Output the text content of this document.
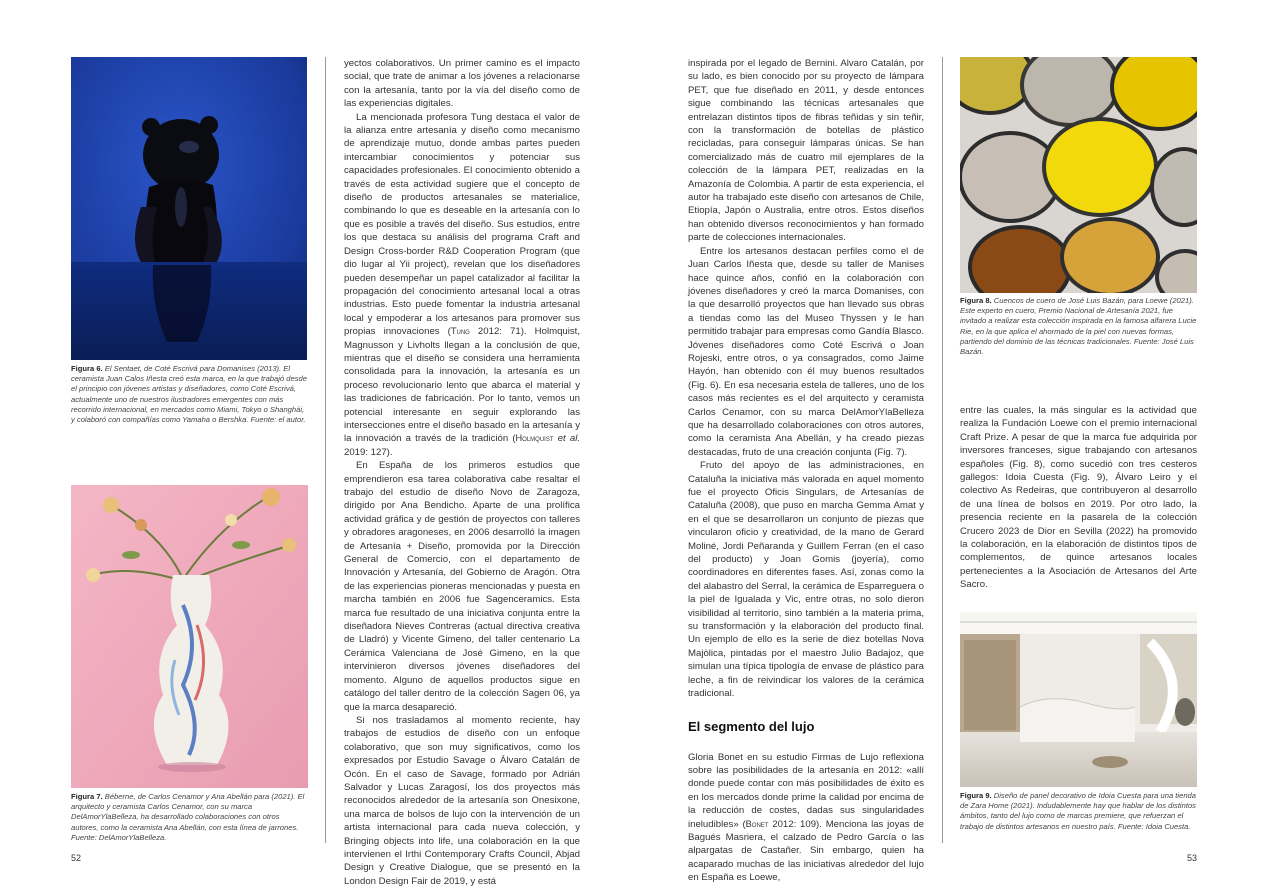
Figura 6. El Sentaet, de Coté Escrivá para Domanises (2013). El ceramista Juan Calos Iñesta creó esta marca, en la que trabajó desde el principio con jóvenes artistas y diseñadores, como Coté Escrivá, actualmente uno de nuestros ilustradores emergentes con más recorrido internacional, en mercados como Miami, Tokyo o Shanghái, y colaboró con compañías como Yamaha o Bershka. Fuente: el autor.
Figura 7. Béberne, de Carlos Cenamor y Ana Abellán para (2021). El arquitecto y ceramista Carlos Cenamor, con su marca DelAmorYlaBelleza, ha desarrollado colaboraciones con otros autores, como la ceramista Ana Abellán, con esta línea de jarrones. Fuente: DelAmorYlaBelleza.

yectos colaborativos. Un primer camino es el impacto social, que trate de animar a los jóvenes a relacionarse con la artesanía, tanto por la vía del diseño como de las experiencias digitales.

La mencionada profesora Tung destaca el valor de la alianza entre artesanía y diseño como mecanismo de aprendizaje mutuo, donde ambas partes pueden intercambiar conocimientos y potenciar sus capacidades profesionales. El conocimiento obtenido a través de esta actividad sugiere que el concepto de diseño de productos artesanales se materialice, combinando lo que es deseable en la artesanía con lo que es posible a través del diseño. Sus estudios, entre los que destaca su análisis del programa Craft and Design Cross-border R&D Cooperation Program (que dio lugar al Yii project), revelan que los diseñadores pueden desempeñar un papel catalizador al facilitar la propagación del conocimiento artesanal local a otras industrias. Esto puede fomentar la industria artesanal local y empoderar a los artesanos para promover sus propias innovaciones (Tung 2012: 71). Holmquist, Magnusson y Livholts llegan a la conclusión de que, mientras que el diseño se considera una herramienta consolidada para la innovación, la artesanía es un proceso revolucionario lento que abarca el material y las tradiciones de fabricación. Por lo tanto, vemos un potencial interesante en seguir explorando las intersecciones entre el diseño basado en la artesanía y la innovación a través de la tradición (Holmquist et al. 2019: 127).

En España de los primeros estudios que emprendieron esa tarea colaborativa cabe resaltar el trabajo del estudio de diseño Novo de Zaragoza, dirigido por Ana Bendicho. Aparte de una prolífica actividad gráfica y de gestión de proyectos con talleres y obradores aragoneses, en 2006 desarrolló la imagen de Artesanía + Diseño, promovida por la Dirección General de Comercio, con el departamento de Innovación y Artesanía, del Gobierno de Aragón. Otra de las experiencias pioneras mencionadas y puesta en marcha también en 2006 fue Sagenceramics. Esta marca fue resultado de una iniciativa conjunta entre la diseñadora Nieves Contreras (actual directiva creativa de Lladró) y Vicente Gimeno, del taller centenario La Cerámica Valenciana de José Gimeno, en la que intervinieron diversos jóvenes diseñadores del momento. Alguno de aquellos productos sigue en catálogo del taller dentro de la colección Sagen 06, ya que la marca desapareció.

Si nos trasladamos al momento reciente, hay trabajos de estudios de diseño con un enfoque colaborativo, que son muy significativos, como los expresados por Estudio Savage o Álvaro Catalán de Ocón. En el caso de Savage, formado por Adrián Salvador y Lucas Zaragosí, los dos proyectos más reconocidos alrededor de la artesanía son Onesixone, una marca de bolsos de lujo con la intervención de un artista internacional para cada nueva colección, y Bringing objects into life, una colaboración en la que intervienen el Irthi Contemporary Crafts Council, Abjad Design y Creative Dialogue, que se presentó en la London Design Fair de 2019, y está

52

inspirada por el legado de Bernini. Alvaro Catalán, por su lado, es bien conocido por su proyecto de lámpara PET, que fue diseñado en 2011, y desde entonces sigue combinando las técnicas artesanales que entrelazan distintos tipos de fibras teñidas y sin teñir, con la transformación de botellas de plástico recicladas, para conseguir lámparas únicas. Se han comercializado más de cuatro mil ejemplares de la colección de la lámpara PET, realizadas en la Amazonía de Colombia. A partir de esta experiencia, el autor ha trabajado este diseño con artesanos de Chile, Etiopía, Japón o Australia, entre otros. Estos diseños han obtenido diversos reconocimientos y han formado parte de colecciones internacionales.

Entre los artesanos destacan perfiles como el de Juan Carlos Iñesta que, desde su taller de Manises hace quince años, confió en la colaboración con jóvenes diseñadores y creó la marca Domanises, con la que desarrolló proyectos que han llevado sus obras a tiendas como las del Museo Thyssen y le han permitido trabajar para empresas como Gandía Blasco. Jóvenes diseñadores como Coté Escrivá o Joan Rojeski, entre otros, o ya consagrados, como Jaime Hayón, han obtenido con él muy buenos resultados (Fig. 6). En esa necesaria estela de talleres, uno de los casos más recientes es el del arquitecto y ceramista Carlos Cenamor, con su marca DelAmorYlaBelleza que ha desarrollado colaboraciones con otros autores, como la ceramista Ana Abellán, y ha creado piezas destacadas, fruto de una creación conjunta (Fig. 7).

Fruto del apoyo de las administraciones, en Cataluña la iniciativa más valorada en aquel momento fue el proyecto Oficis Singulars, de Artesanías de Cataluña (2008), que puso en marcha Gemma Amat y en el que se desarrollaron un conjunto de piezas que vincularon oficio y creatividad, de la mano de Gerard Moliné, Jordi Peñaranda y Guillem Ferran (en el caso del producto) y Joan Gomis (joyería), como coordinadores en diferentes fases. Así, zonas como la del alabastro del Serral, la cerámica de Esparreguera o la piel de Igualada y Vic, entre otras, no solo dieron visibilidad al territorio, sino también a la materia prima, su transformación y la elaboración del producto final. Un ejemplo de ello es la serie de diez botellas Nova Majòlica, pintadas por el maestro Julio Badajoz, que simulan una típica tipología de envase de plástico para leche, a fin de reivindicar los valores de la cerámica tradicional.

El segmento del lujo

Gloria Bonet en su estudio Firmas de Lujo reflexiona sobre las posibilidades de la artesanía en 2012: «allí donde puede contar con más posibilidades de éxito es en los mercados donde prime la calidad por encima de la reducción de costes, dadas sus singularidades ineludibles» (Bonet 2012: 109). Menciona las joyas de Bagués Masriera, el calzado de Pedro García o las alpargatas de Castañer. Sin embargo, quien ha acaparado muchas de las iniciativas alrededor del lujo en España es Loewe,

Figura 8. Cuencos de cuero de José Luis Bazán, para Loewe (2021). Este experto en cuero, Premio Nacional de Artesanía 2021, fue invitado a realizar esta colección inspirada en la famosa alfarera Lucie Rie, en la que aplica el ahormado de la piel con nuevas formas, partiendo del dominio de las técnicas tradicionales. Fuente: José Luis Bazán.

entre las cuales, la más singular es la actividad que realiza la Fundación Loewe con el premio internacional Craft Prize. A pesar de que la marca fue adquirida por inversores franceses, sigue trabajando con artesanos españoles (Fig. 8), como sucedió con tres cesteros gallegos: Idoia Cuesta (Fig. 9), Álvaro Leiro y el colectivo As Redeiras, que contribuyeron al desarrollo de una línea de bolsos en 2019. Por otro lado, la presencia reciente en la pasarela de la colección Crucero 2023 de Dior en Sevilla (2022) ha promovido la colaboración, en la elaboración de distintos tipos de complementos, de quince artesanos locales pertenecientes a la Asociación de Artesanos del Arte Sacro.

Figura 9. Diseño de panel decorativo de Idoia Cuesta para una tienda de Zara Home (2021). Indudablemente hay que hablar de los distintos ámbitos, tanto del lujo como de marcas premiere, que refuerzan el trabajo de distintos artesanos en nuestro país. Fuente: Idoia Cuesta.
53
